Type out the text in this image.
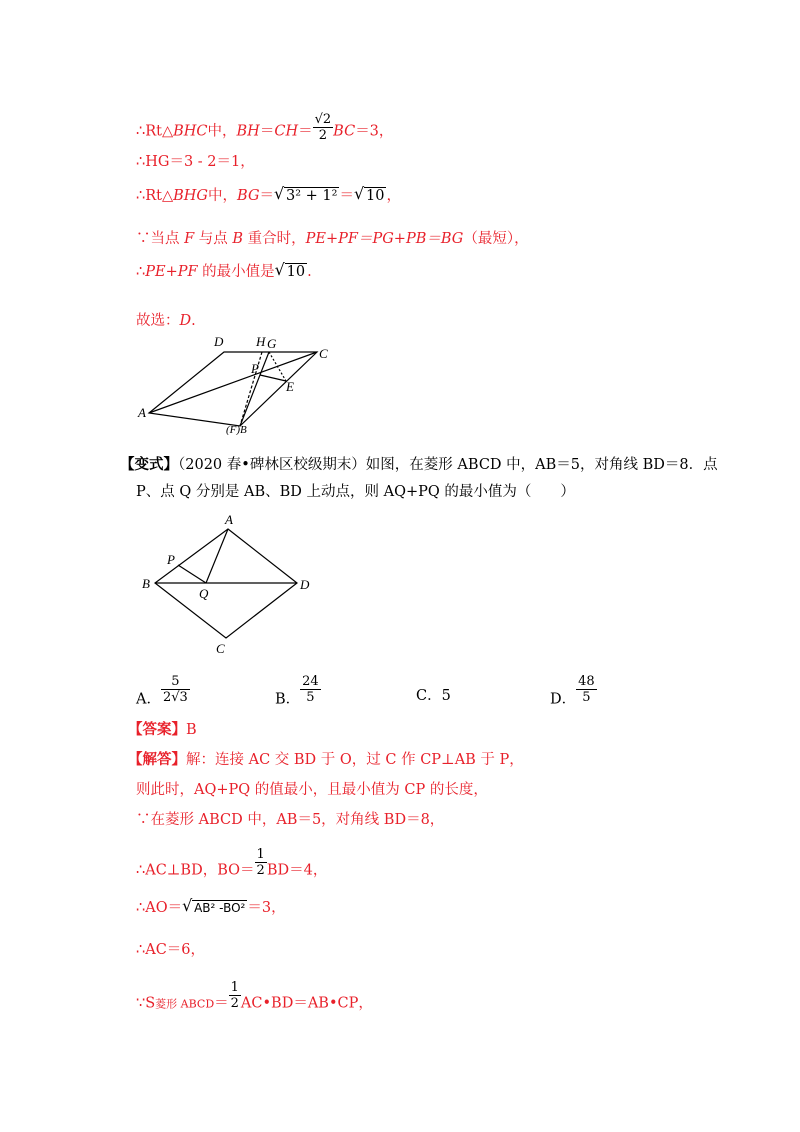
∴Rt△BHC中，$BH=CH= \frac{√2}{2} BC=3$，
∴HG＝3 - 2＝1，
∴Rt△BHG中，BG＝ √ 3² + 1² ＝ √ 10 ，
∵当点 F 与点 B 重合时，PE+PF＝PG+PB＝BG（最短），
∴PE+PF 的最小值是 √ 10 .
故选：D.
D	H G
C
P
E
A
(F)B
【变式】（2020 春•碑林区校级期末）如图，在菱形 ABCD 中，AB＝5，对角线 BD＝8．点
P、点 Q 分别是 AB、BD 上动点，则 AQ+PQ 的最小值为（　　）
A
P
B
Q
D
C
A． $\frac{5}{2√3}$	B． $\frac{24}{5}$	C．5	D． $\frac{48}{5}$
【答案】B
【解答】解：连接 AC 交 BD 于 O，过 C 作 CP⊥AB 于 P，
则此时，AQ+PQ 的值最小，且最小值为 CP 的长度，
∵在菱形 ABCD 中，AB＝5，对角线 BD＝8，
∴AC⊥BD，$BO= \frac{1}{2} BD=4$，
∴AO＝ √ AB² -BO² ＝3，
∴AC＝6，
∵S菱形 ABCD＝ $\frac{1}{2}$ AC•BD＝AB•CP，
